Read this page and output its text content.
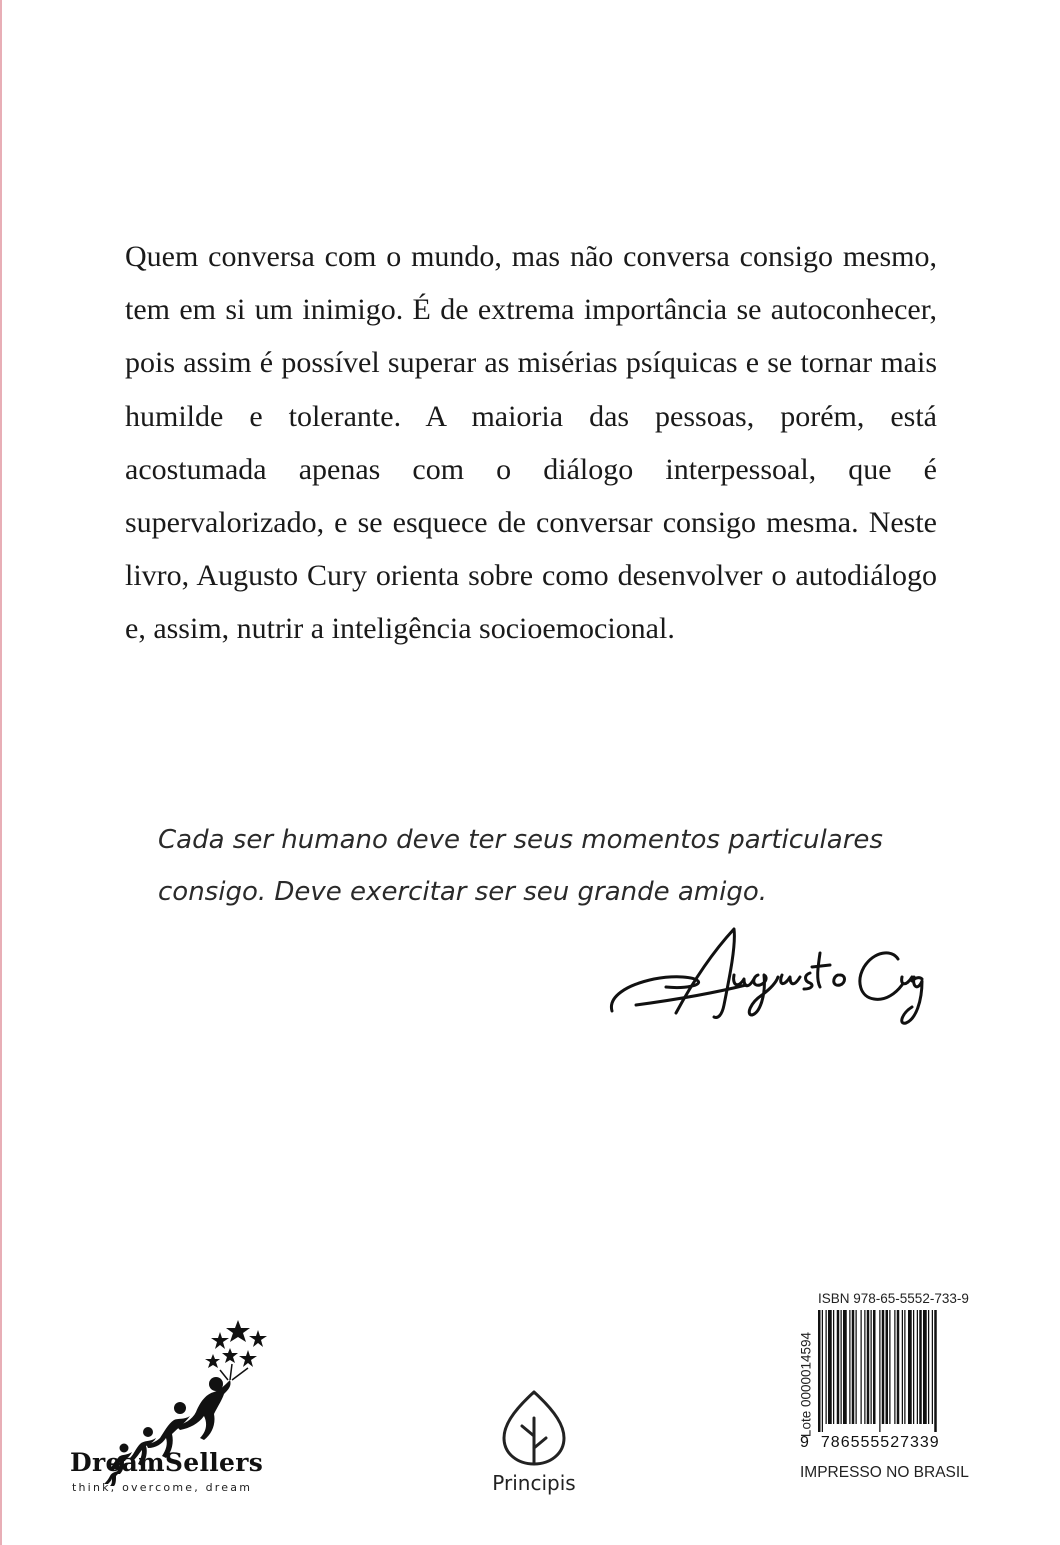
Quem conversa com o mundo, mas não conversa consigo mesmo, tem em si um inimigo. É de extrema importância se autoconhecer, pois assim é possível superar as misérias psíquicas e se tornar mais humilde e tolerante. A maioria das pessoas, porém, está acostumada apenas com o diálogo interpessoal, que é supervalorizado, e se esquece de conversar consigo mesma. Neste livro, Augusto Cury orienta sobre como desenvolver o autodiálogo e, assim, nutrir a inteligência socioemocional.

Cada ser humano deve ter seus momentos particulares
consigo. Deve exercitar ser seu grande amigo.
DreamSellers
think, overcome, dream	Principis
ISBN 978-65-5552-733-9
Lote 0000014594
9 786555527339
IMPRESSO NO BRASIL
